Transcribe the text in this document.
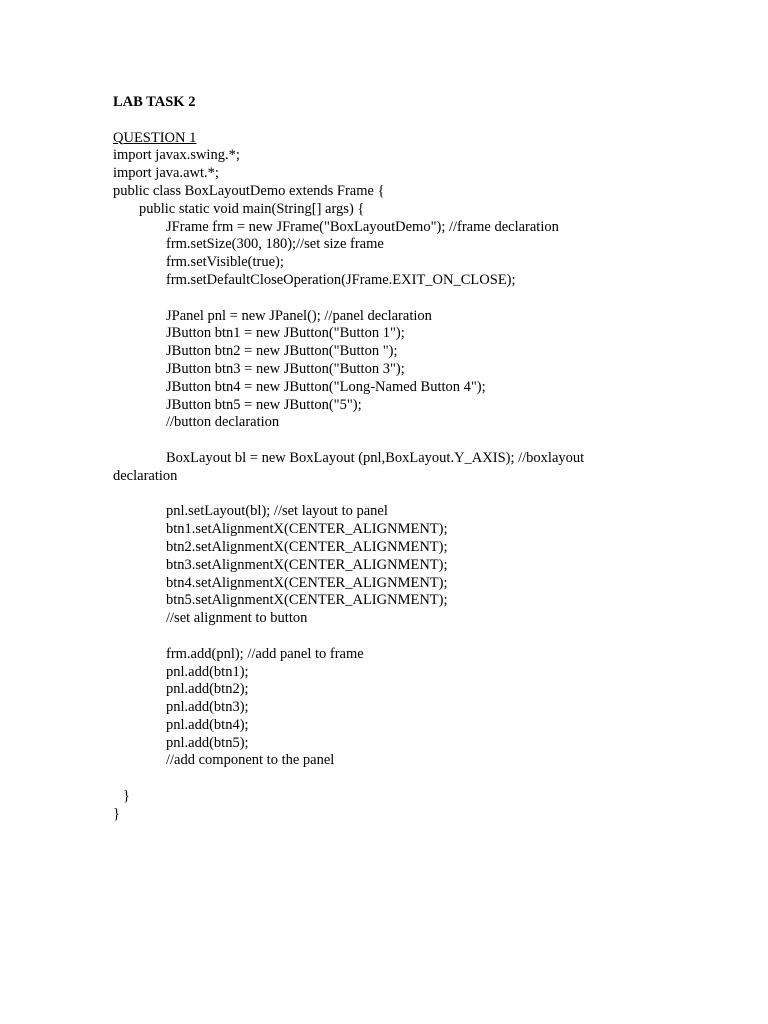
LAB TASK 2
QUESTION 1
import javax.swing.*;
import java.awt.*;
public class BoxLayoutDemo extends Frame {
public static void main(String[] args) {
JFrame frm = new JFrame("BoxLayoutDemo"); //frame declaration
frm.setSize(300, 180);//set size frame
frm.setVisible(true);
frm.setDefaultCloseOperation(JFrame.EXIT_ON_CLOSE);
JPanel pnl = new JPanel(); //panel declaration
JButton btn1 = new JButton("Button 1");
JButton btn2 = new JButton("Button ");
JButton btn3 = new JButton("Button 3");
JButton btn4 = new JButton("Long-Named Button 4");
JButton btn5 = new JButton("5");
//button declaration
BoxLayout bl = new BoxLayout (pnl,BoxLayout.Y_AXIS); //boxlayout
declaration
pnl.setLayout(bl); //set layout to panel
btn1.setAlignmentX(CENTER_ALIGNMENT);
btn2.setAlignmentX(CENTER_ALIGNMENT);
btn3.setAlignmentX(CENTER_ALIGNMENT);
btn4.setAlignmentX(CENTER_ALIGNMENT);
btn5.setAlignmentX(CENTER_ALIGNMENT);
//set alignment to button
frm.add(pnl); //add panel to frame
pnl.add(btn1);
pnl.add(btn2);
pnl.add(btn3);
pnl.add(btn4);
pnl.add(btn5);
//add component to the panel
}
}
